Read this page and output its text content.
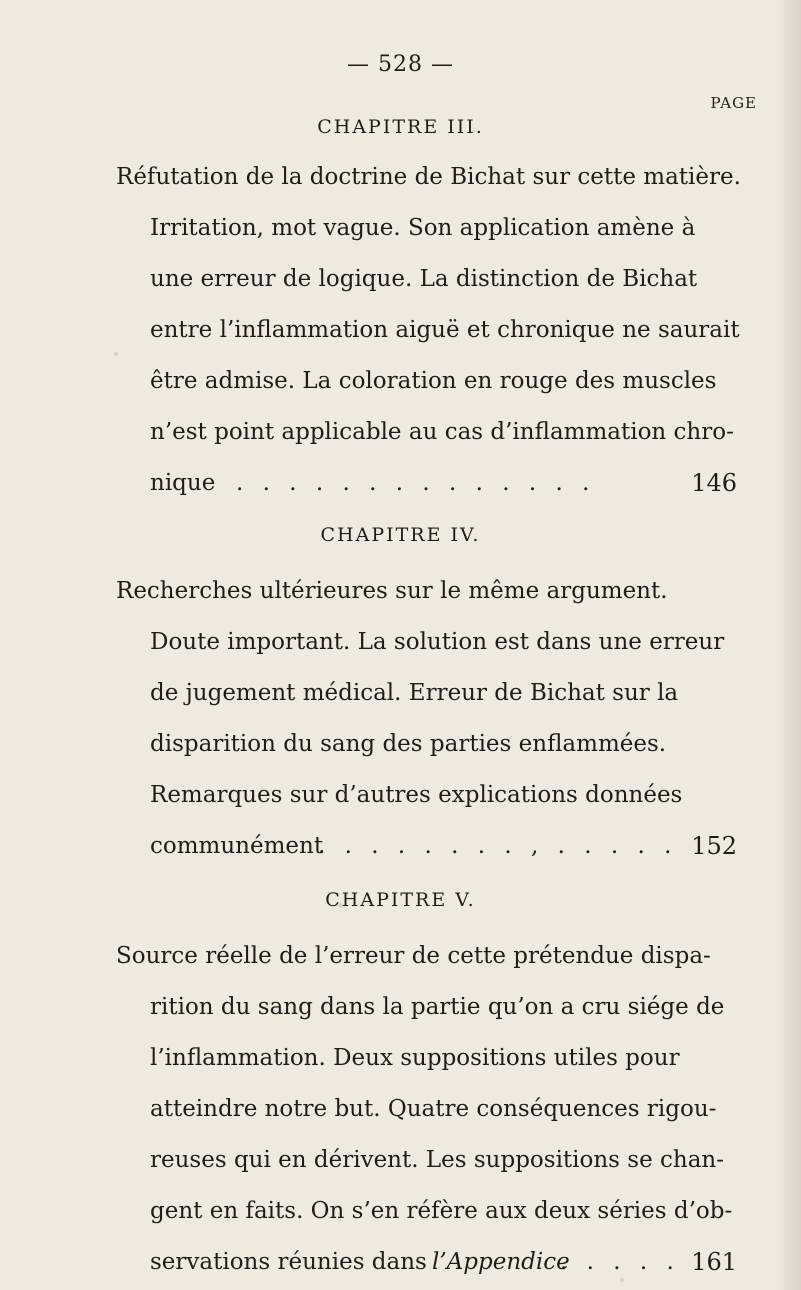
— 528 —
PAGE
CHAPITRE III.
Réfutation de la doctrine de Bichat sur cette matière.
Irritation, mot vague. Son application amène à
une erreur de logique. La distinction de Bichat
entre l’inflammation aiguë et chronique ne saurait
être admise. La coloration en rouge des muscles
n’est point applicable au cas d’inflammation chro-
nique . . . . . . . . . . . . . .	146
CHAPITRE IV.
Recherches ultérieures sur le même argument.
Doute important. La solution est dans une erreur
de jugement médical. Erreur de Bichat sur la
disparition du sang des parties enflammées.
Remarques sur d’autres explications données
communément
. . . . . . . . , . . . . . 152
CHAPITRE V.
Source réelle de l’erreur de cette prétendue dispa-
rition du sang dans la partie qu’on a cru siége de
l’inflammation. Deux suppositions utiles pour
atteindre notre but. Quatre conséquences rigou-
reuses qui en dérivent. Les suppositions se chan-
gent en faits. On s’en réfère aux deux séries d’ob-
servations réunies dans l’Appendice
. . . . . 161
